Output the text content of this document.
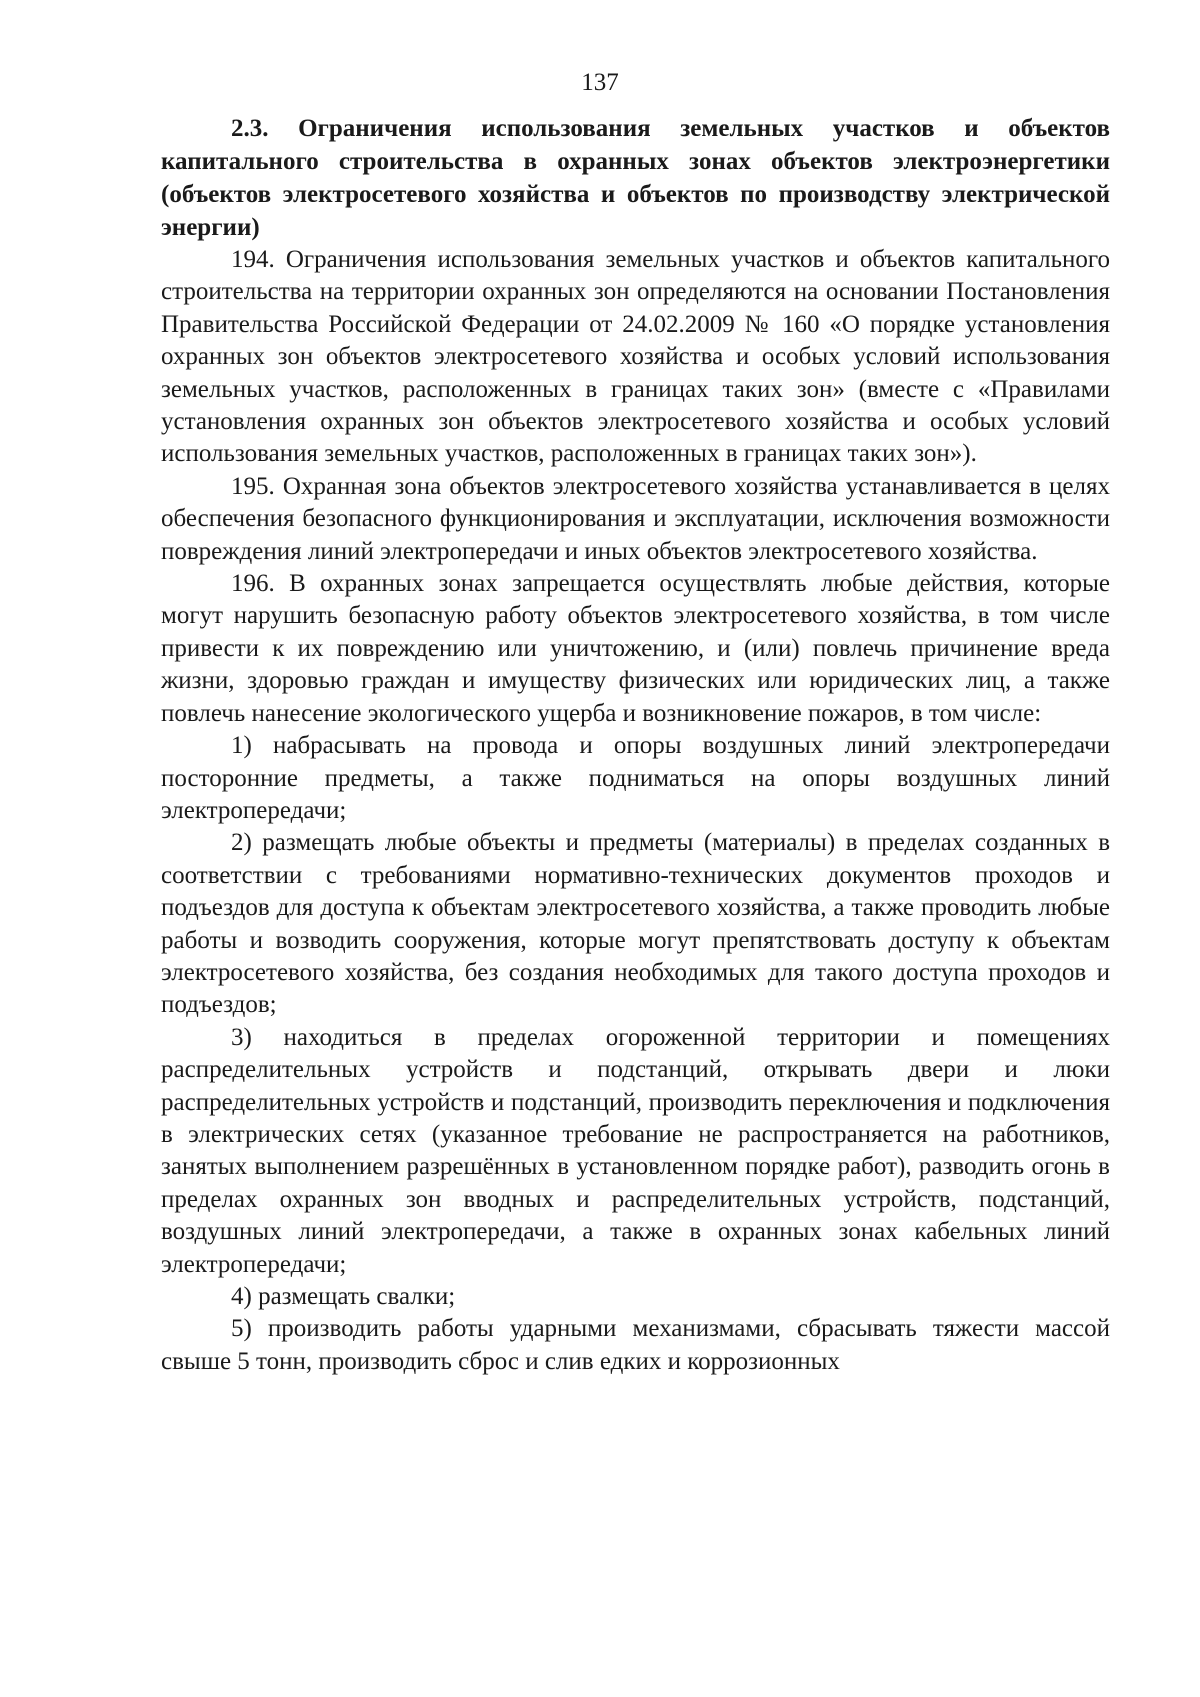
137

2.3. Ограничения использования земельных участков и объектов капитального строительства в охранных зонах объектов электроэнергетики (объектов электросетевого хозяйства и объектов по производству электрической энергии)

194. Ограничения использования земельных участков и объектов капитального строительства на территории охранных зон определяются на основании Постановления Правительства Российской Федерации от 24.02.2009 № 160 «О порядке установления охранных зон объектов электросетевого хозяйства и особых условий использования земельных участков, расположенных в границах таких зон» (вместе с «Правилами установления охранных зон объектов электросетевого хозяйства и особых условий использования земельных участков, расположенных в границах таких зон»).

195. Охранная зона объектов электросетевого хозяйства устанавливается в целях обеспечения безопасного функционирования и эксплуатации, исключения возможности повреждения линий электропередачи и иных объектов электросетевого хозяйства.

196. В охранных зонах запрещается осуществлять любые действия, которые могут нарушить безопасную работу объектов электросетевого хозяйства, в том числе привести к их повреждению или уничтожению, и (или) повлечь причинение вреда жизни, здоровью граждан и имуществу физических или юридических лиц, а также повлечь нанесение экологического ущерба и возникновение пожаров, в том числе:

1) набрасывать на провода и опоры воздушных линий электропередачи посторонние предметы, а также подниматься на опоры воздушных линий электропередачи;

2) размещать любые объекты и предметы (материалы) в пределах созданных в соответствии с требованиями нормативно-технических документов проходов и подъездов для доступа к объектам электросетевого хозяйства, а также проводить любые работы и возводить сооружения, которые могут препятствовать доступу к объектам электросетевого хозяйства, без создания необходимых для такого доступа проходов и подъездов;

3) находиться в пределах огороженной территории и помещениях распределительных устройств и подстанций, открывать двери и люки распределительных устройств и подстанций, производить переключения и подключения в электрических сетях (указанное требование не распространяется на работников, занятых выполнением разрешённых в установленном порядке работ), разводить огонь в пределах охранных зон вводных и распределительных устройств, подстанций, воздушных линий электропередачи, а также в охранных зонах кабельных линий электропередачи;

4) размещать свалки;

5) производить работы ударными механизмами, сбрасывать тяжести массой свыше 5 тонн, производить сброс и слив едких и коррозионных
